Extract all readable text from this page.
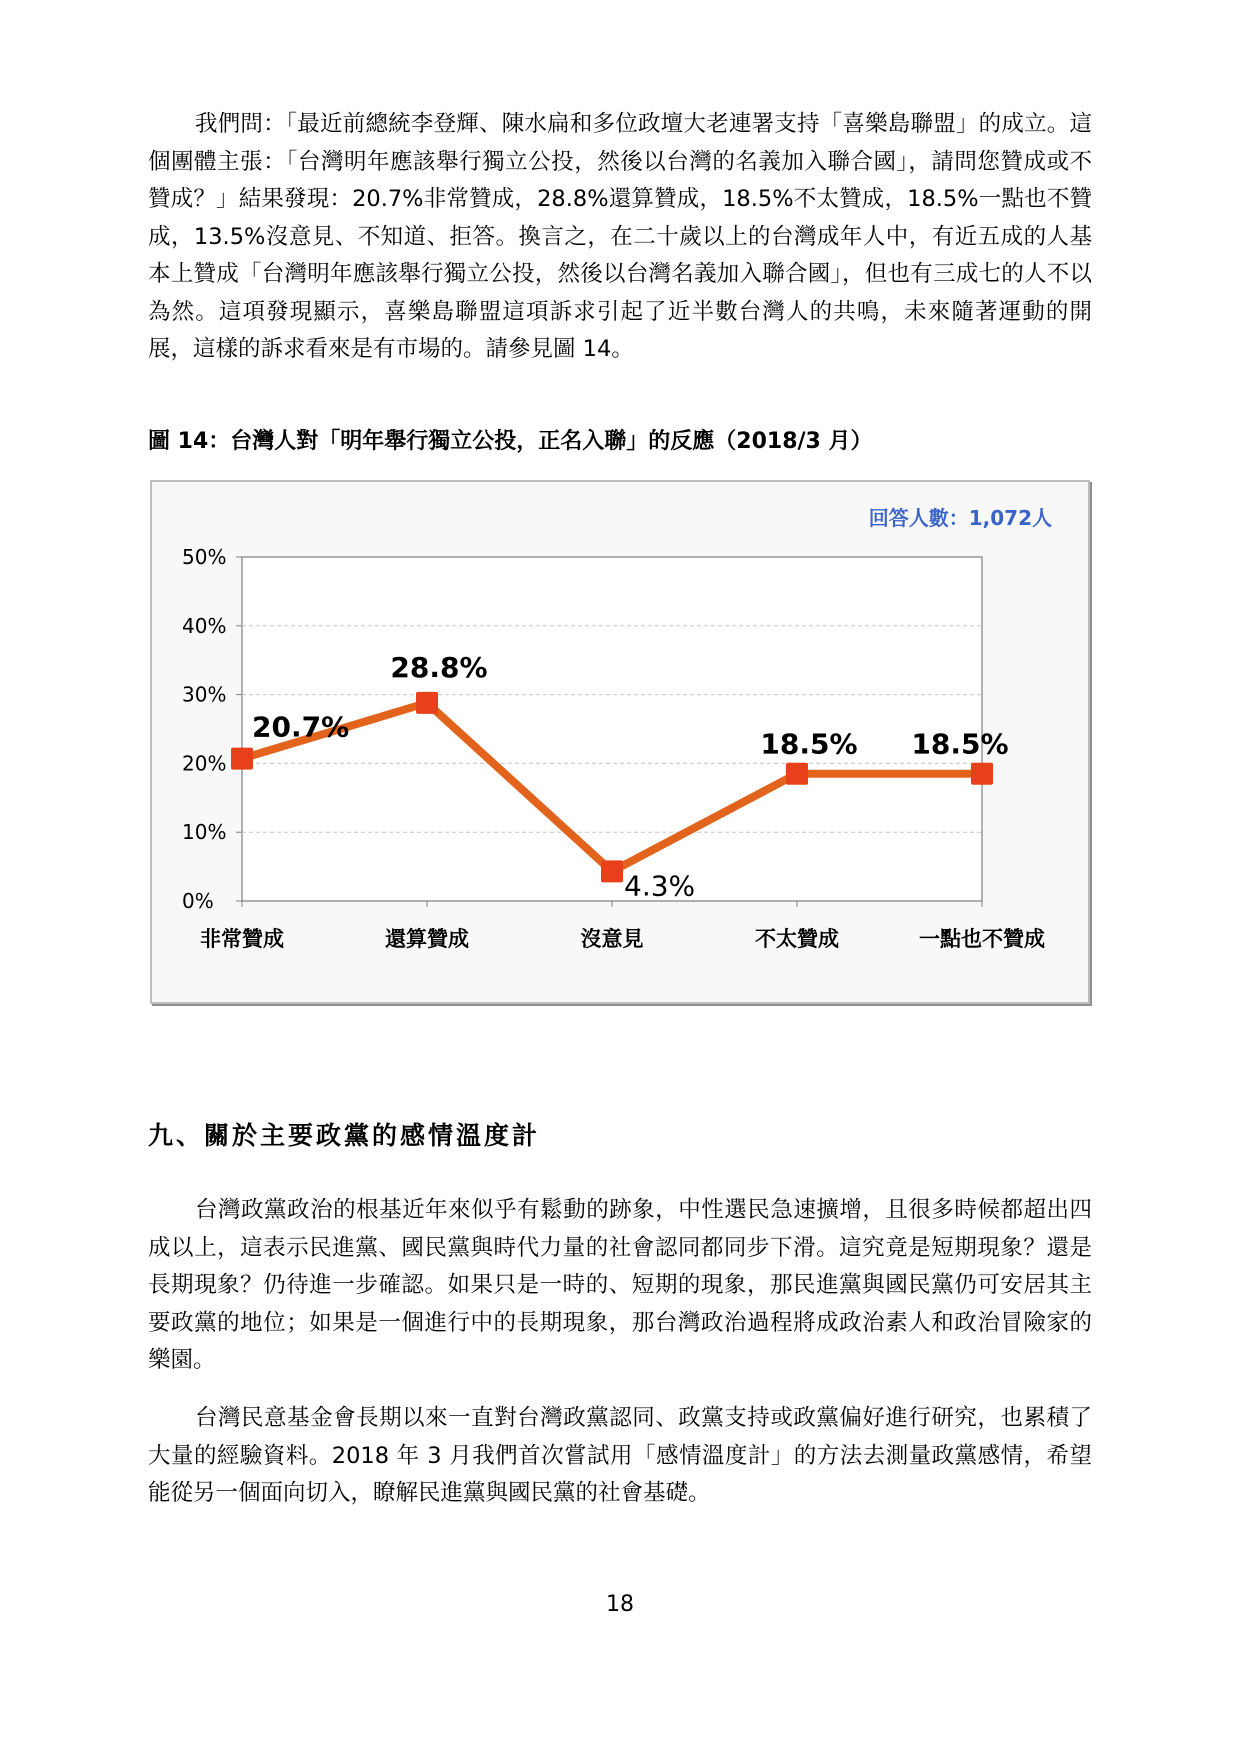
我們問：「最近前總統李登輝、陳水扁和多位政壇大老連署支持「喜樂島聯盟」的成立。這個團體主張：「台灣明年應該舉行獨立公投，然後以台灣的名義加入聯合國」，請問您贊成或不贊成？」結果發現：20.7%非常贊成，28.8%還算贊成，18.5%不太贊成，18.5%一點也不贊成，13.5%沒意見、不知道、拒答。換言之，在二十歲以上的台灣成年人中，有近五成的人基本上贊成「台灣明年應該舉行獨立公投，然後以台灣名義加入聯合國」，但也有三成七的人不以為然。這項發現顯示，喜樂島聯盟這項訴求引起了近半數台灣人的共鳴，未來隨著運動的開展，這樣的訴求看來是有市場的。請參見圖 14。

圖 14：台灣人對「明年舉行獨立公投，正名入聯」的反應（2018/3 月）

0%
10%
20%
30%
40%
50%
非常贊成	還算贊成	沒意見	不太贊成	一點也不贊成
20.7%
28.8%
4.3%
18.5% 18.5%
回答人數：1,072人
九、關於主要政黨的感情溫度計

台灣政黨政治的根基近年來似乎有鬆動的跡象，中性選民急速擴增，且很多時候都超出四成以上，這表示民進黨、國民黨與時代力量的社會認同都同步下滑。這究竟是短期現象？還是長期現象？仍待進一步確認。如果只是一時的、短期的現象，那民進黨與國民黨仍可安居其主要政黨的地位；如果是一個進行中的長期現象，那台灣政治過程將成政治素人和政治冒險家的樂園。

台灣民意基金會長期以來一直對台灣政黨認同、政黨支持或政黨偏好進行研究，也累積了大量的經驗資料。2018 年 3 月我們首次嘗試用「感情溫度計」的方法去測量政黨感情，希望能從另一個面向切入，瞭解民進黨與國民黨的社會基礎。

18
